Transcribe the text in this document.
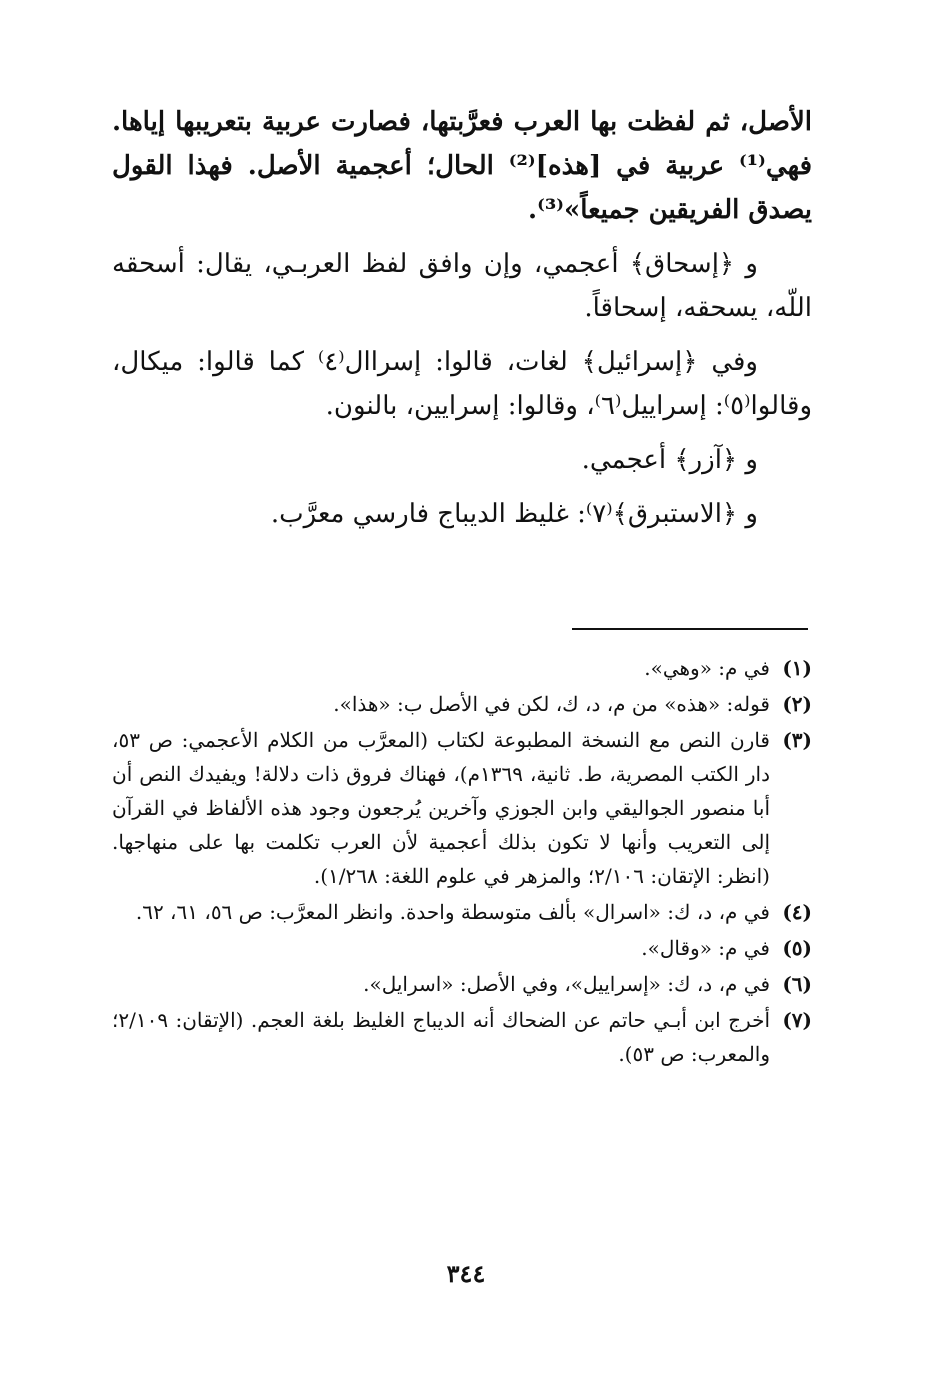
الأصل، ثم لفظت بها العرب فعرَّبتها، فصارت عربية بتعريبها إياها. فهي⁽¹⁾ عربية في [هذه]⁽²⁾ الحال؛ أعجمية الأصل. فهذا القول يصدق الفريقين جميعاً»⁽³⁾.

و ﴿إسحاق﴾ أعجمي، وإن وافق لفظ العربـي، يقال: أسحقه اللّه، يسحقه، إسحاقاً.

وفي ﴿إسرائيل﴾ لغات، قالوا: إسراال⁽٤⁾ كما قالوا: ميكال، وقالوا⁽٥⁾: إسراييل⁽٦⁾، وقالوا: إسرايين، بالنون.

و ﴿آزر﴾ أعجمي.

و ﴿الاستبرق﴾⁽٧⁾: غليظ الديباج فارسي معرَّب.

(١)
في م: «وهي».
(٢)
قوله: «هذه» من م، د، ك، لكن في الأصل ب: «هذا».
(٣)
قارن النص مع النسخة المطبوعة لكتاب (المعرَّب من الكلام الأعجمي: ص ٥٣، دار الكتب المصرية، ط. ثانية، ١٣٦٩م)، فهناك فروق ذات دلالة! ويفيدك النص أن أبا منصور الجواليقي وابن الجوزي وآخرين يُرجعون وجود هذه الألفاظ في القرآن إلى التعريب وأنها لا تكون بذلك أعجمية لأن العرب تكلمت بها على منهاجها. (انظر: الإتقان: ٢/١٠٦؛ والمزهر في علوم اللغة: ١/٢٦٨).
(٤)
في م، د، ك: «اسرال» بألف متوسطة واحدة. وانظر المعرَّب: ص ٥٦، ٦١، ٦٢.
(٥)
في م: «وقال».
(٦)
في م، د، ك: «إسراييل»، وفي الأصل: «اسرايل».
(٧)
أخرج ابن أبـي حاتم عن الضحاك أنه الديباج الغليظ بلغة العجم. (الإتقان: ٢/١٠٩؛ والمعرب: ص ٥٣).
٣٤٤
